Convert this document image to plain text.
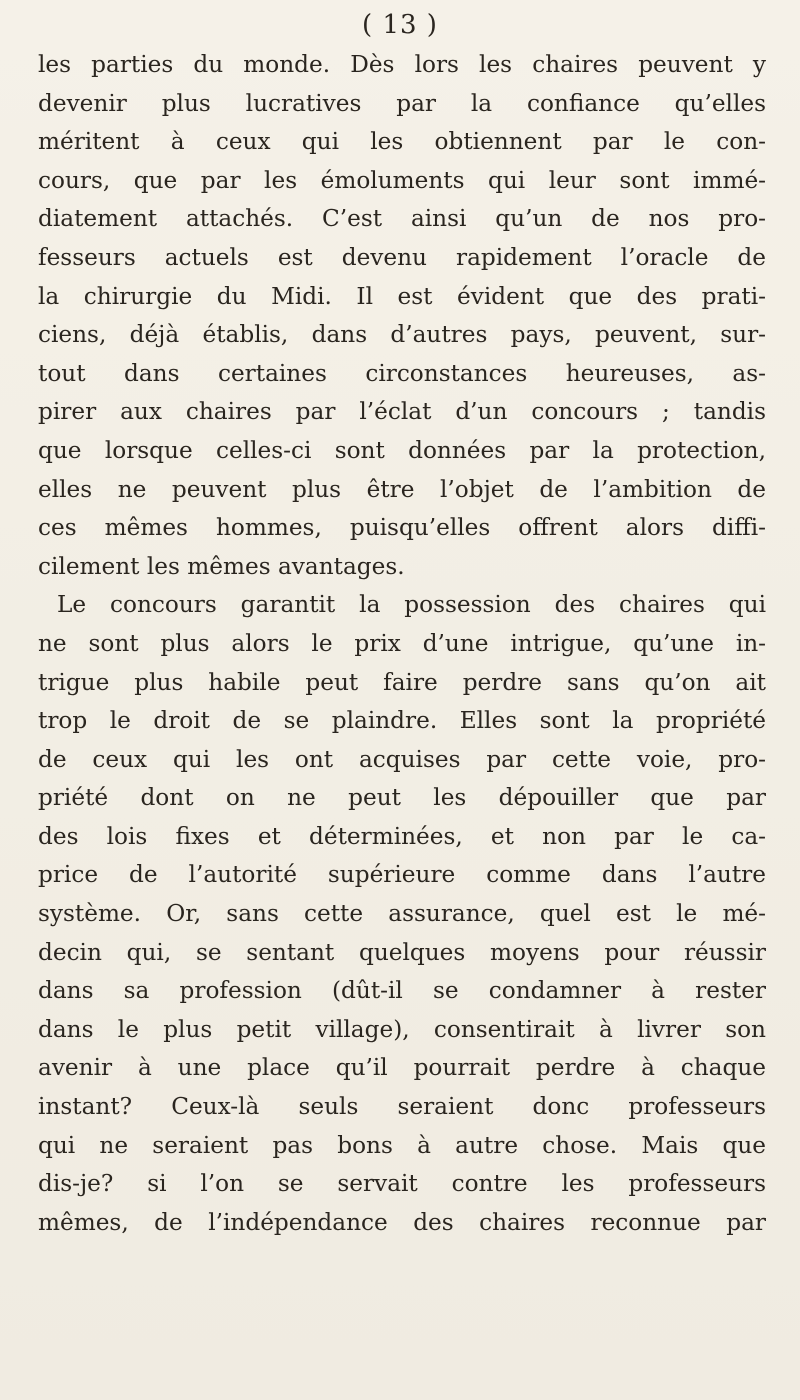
( 13 )
les parties du monde. Dès lors les chaires peuvent y
devenir plus lucratives par la confiance qu’elles
méritent à ceux qui les obtiennent par le con-
cours, que par les émoluments qui leur sont immé-
diatement attachés. C’est ainsi qu’un de nos pro-
fesseurs actuels est devenu rapidement l’oracle de
la chirurgie du Midi. Il est évident que des prati-
ciens, déjà établis, dans d’autres pays, peuvent, sur-
tout dans certaines circonstances heureuses, as-
pirer aux chaires par l’éclat d’un concours ; tandis
que lorsque celles-ci sont données par la protection,
elles ne peuvent plus être l’objet de l’ambition de
ces mêmes hommes, puisqu’elles offrent alors diffi-
cilement les mêmes avantages.
Le concours garantit la possession des chaires qui
ne sont plus alors le prix d’une intrigue, qu’une in-
trigue plus habile peut faire perdre sans qu’on ait
trop le droit de se plaindre. Elles sont la propriété
de ceux qui les ont acquises par cette voie, pro-
priété dont on ne peut les dépouiller que par
des lois fixes et déterminées, et non par le ca-
price de l’autorité supérieure comme dans l’autre
système. Or, sans cette assurance, quel est le mé-
decin qui, se sentant quelques moyens pour réussir
dans sa profession (dût-il se condamner à rester
dans le plus petit village), consentirait à livrer son
avenir à une place qu’il pourrait perdre à chaque
instant? Ceux-là seuls seraient donc professeurs
qui ne seraient pas bons à autre chose. Mais que
dis-je? si l’on se servait contre les professeurs
mêmes, de l’indépendance des chaires reconnue par
